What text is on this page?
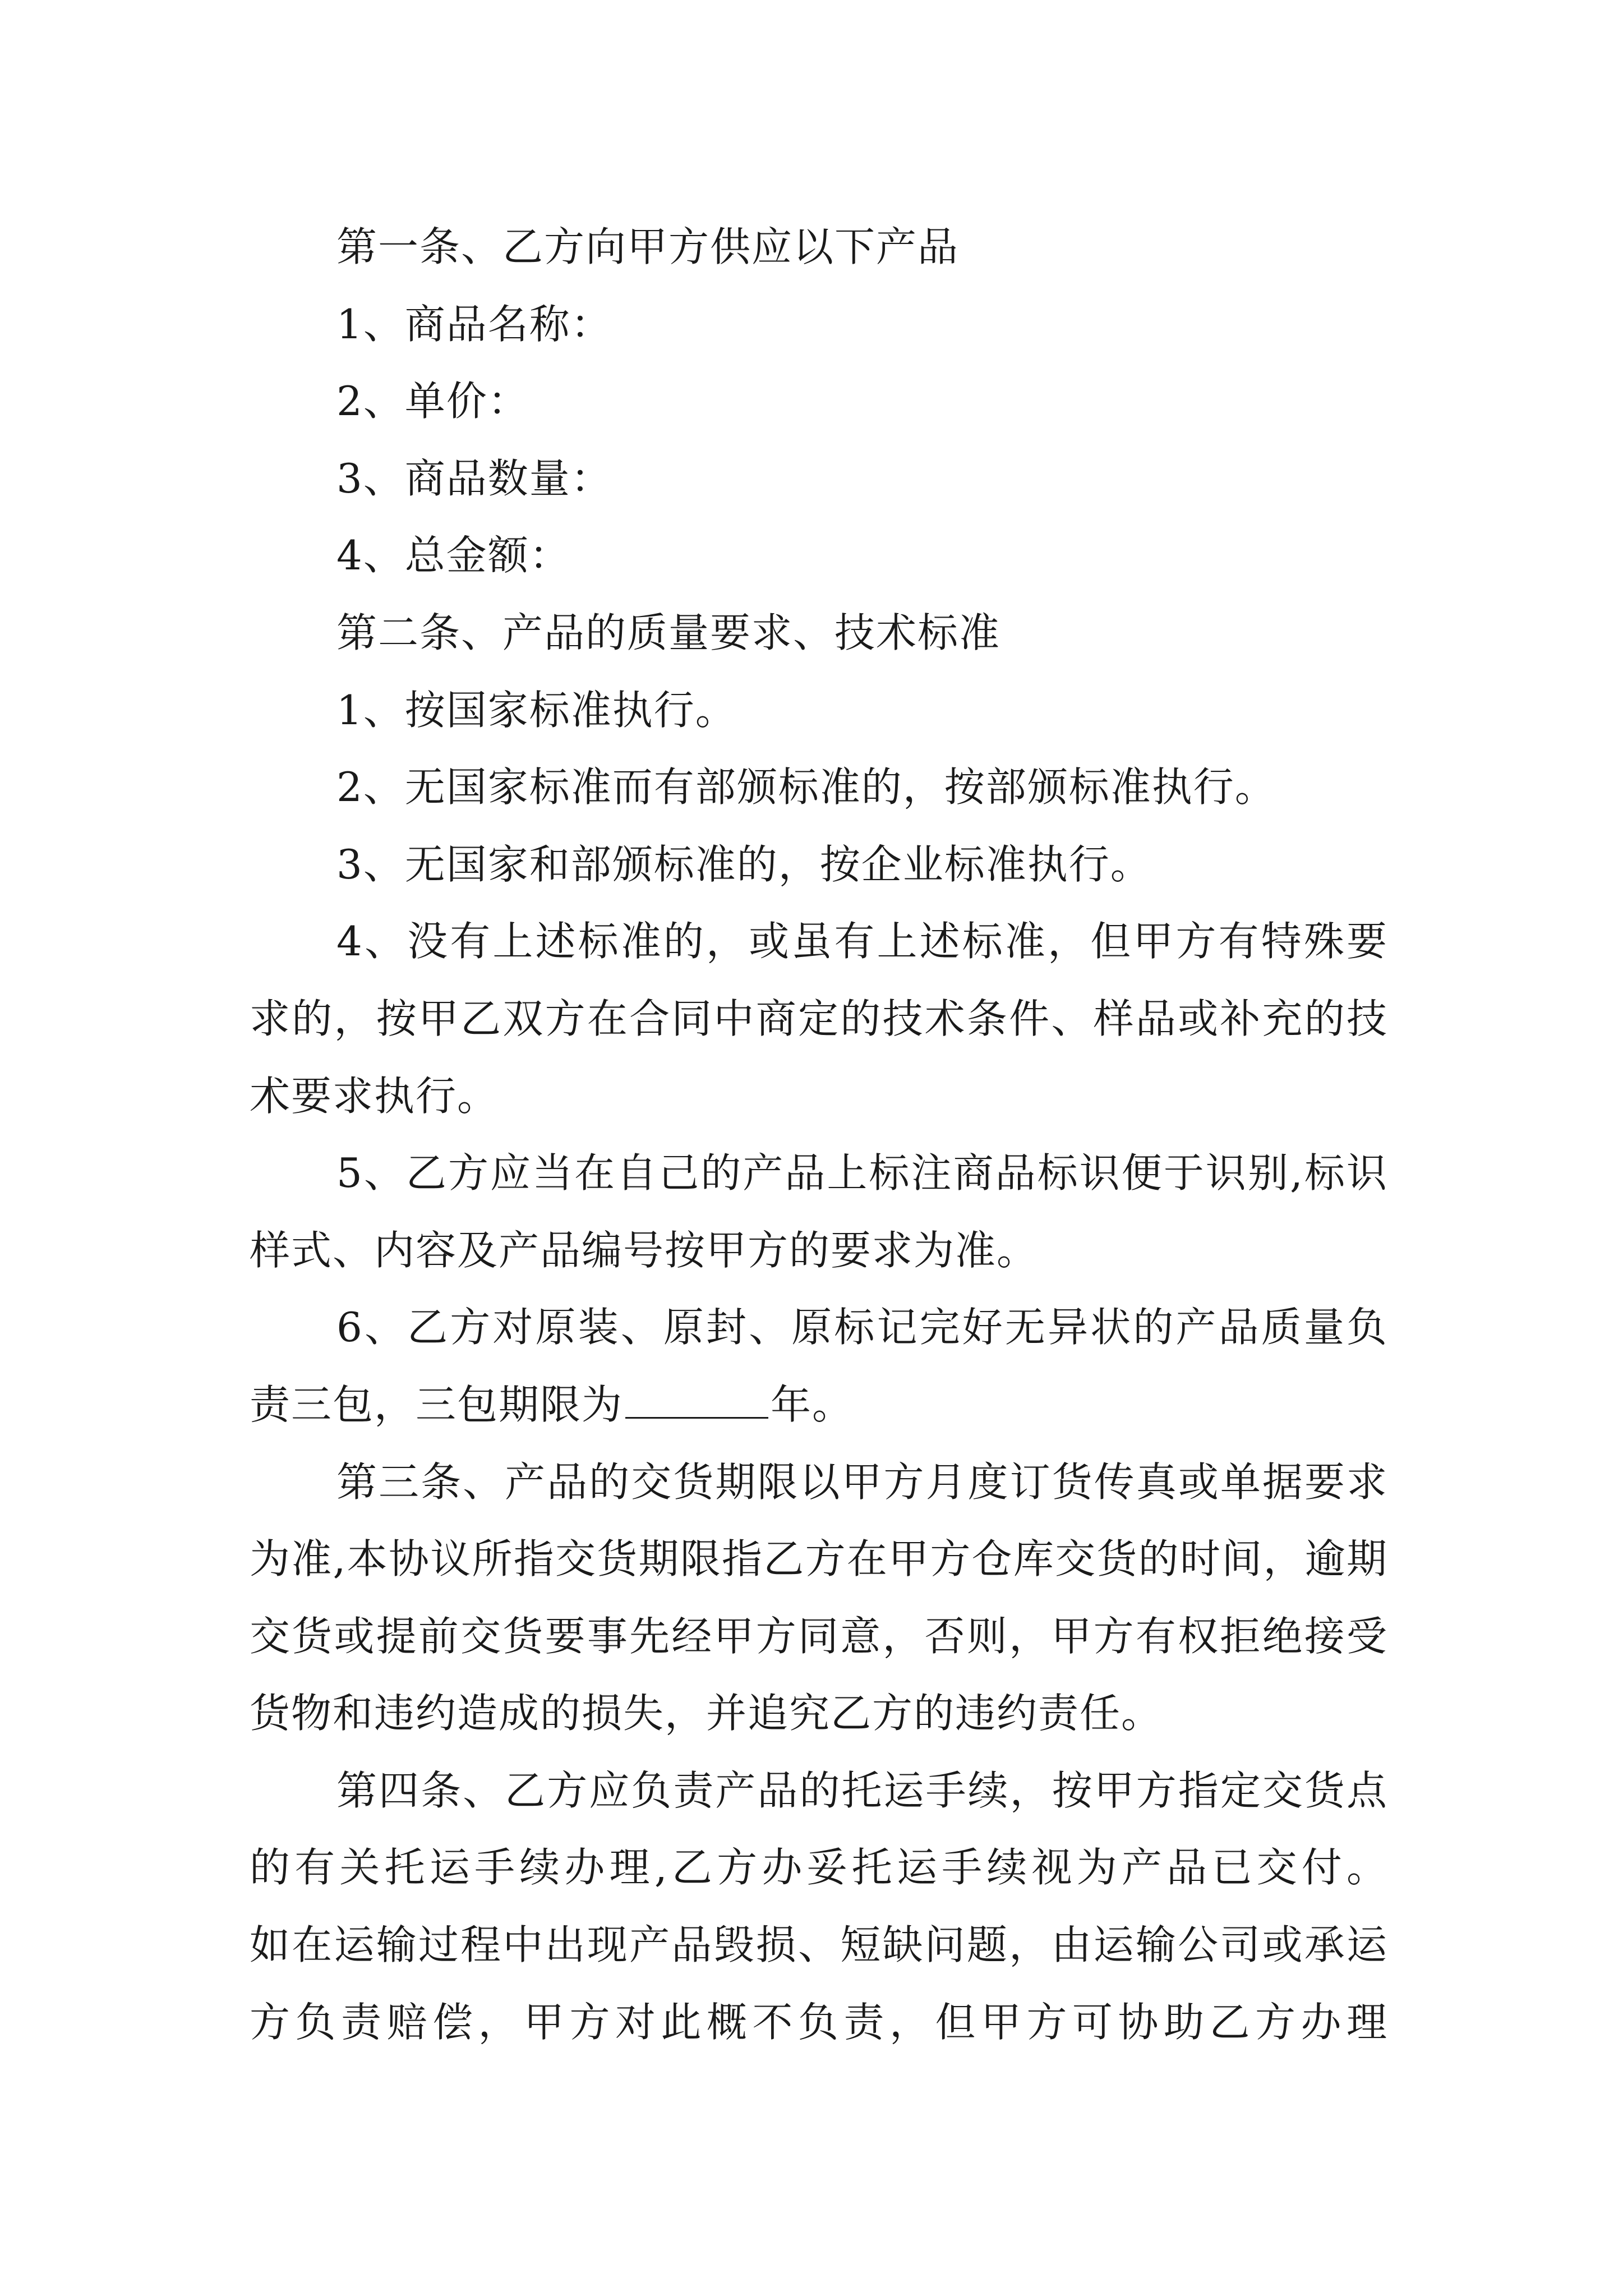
第一条、乙方向甲方供应以下产品

1、商品名称：

2、单价：

3、商品数量：

4、总金额：

第二条、产品的质量要求、技术标准

1、按国家标准执行。

2、无国家标准而有部颁标准的，按部颁标准执行。

3、无国家和部颁标准的，按企业标准执行。

4、没有上述标准的，或虽有上述标准，但甲方有特殊要求的，按甲乙双方在合同中商定的技术条件、样品或补充的技术要求执行。

5、乙方应当在自己的产品上标注商品标识便于识别,标识样式、内容及产品编号按甲方的要求为准。

6、乙方对原装、原封、原标记完好无异状的产品质量负责三包，三包期限为	年。

第三条、产品的交货期限以甲方月度订货传真或单据要求为准,本协议所指交货期限指乙方在甲方仓库交货的时间，逾期交货或提前交货要事先经甲方同意，否则，甲方有权拒绝接受货物和违约造成的损失，并追究乙方的违约责任。

第四条、乙方应负责产品的托运手续，按甲方指定交货点的有关托运手续办理,乙方办妥托运手续视为产品已交付。

如在运输过程中出现产品毁损、短缺问题，由运输公司或承运方负责赔偿，甲方对此概不负责，但甲方可协助乙方办理
